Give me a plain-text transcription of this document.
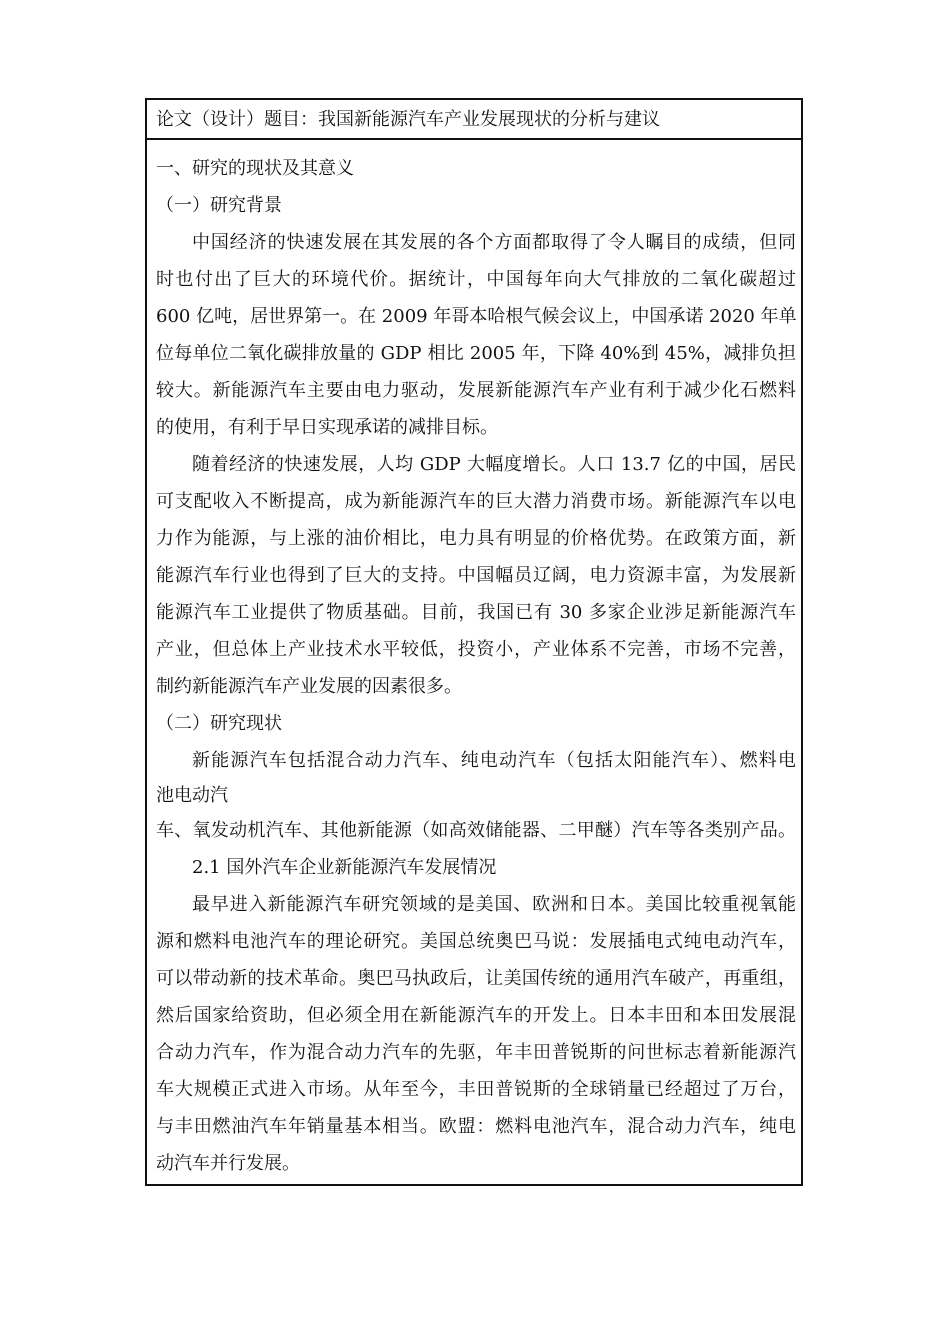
论文（设计）题目：我国新能源汽车产业发展现状的分析与建议
一、研究的现状及其意义
（一）研究背景
中国经济的快速发展在其发展的各个方面都取得了令人瞩目的成绩，但同
时也付出了巨大的环境代价。据统计，中国每年向大气排放的二氧化碳超过
600 亿吨，居世界第一。在 2009 年哥本哈根气候会议上，中国承诺 2020 年单
位每单位二氧化碳排放量的 GDP 相比 2005 年，下降 40%到 45%，减排负担
较大。新能源汽车主要由电力驱动，发展新能源汽车产业有利于减少化石燃料
的使用，有利于早日实现承诺的减排目标。
随着经济的快速发展，人均 GDP 大幅度增长。人口 13.7 亿的中国，居民
可支配收入不断提高，成为新能源汽车的巨大潜力消费市场。新能源汽车以电
力作为能源，与上涨的油价相比，电力具有明显的价格优势。在政策方面，新
能源汽车行业也得到了巨大的支持。中国幅员辽阔，电力资源丰富，为发展新
能源汽车工业提供了物质基础。目前，我国已有 30 多家企业涉足新能源汽车
产业，但总体上产业技术水平较低，投资小，产业体系不完善，市场不完善，
制约新能源汽车产业发展的因素很多。
（二）研究现状
新能源汽车包括混合动力汽车、纯电动汽车（包括太阳能汽车）、燃料电
池电动汽
车、氧发动机汽车、其他新能源（如高效储能器、二甲醚）汽车等各类别产品。
2.1 国外汽车企业新能源汽车发展情况
最早进入新能源汽车研究领域的是美国、欧洲和日本。美国比较重视氧能
源和燃料电池汽车的理论研究。美国总统奥巴马说：发展插电式纯电动汽车，
可以带动新的技术革命。奥巴马执政后，让美国传统的通用汽车破产，再重组，
然后国家给资助，但必须全用在新能源汽车的开发上。日本丰田和本田发展混
合动力汽车，作为混合动力汽车的先驱，年丰田普锐斯的问世标志着新能源汽
车大规模正式进入市场。从年至今，丰田普锐斯的全球销量已经超过了万台，
与丰田燃油汽车年销量基本相当。欧盟：燃料电池汽车，混合动力汽车，纯电
动汽车并行发展。
